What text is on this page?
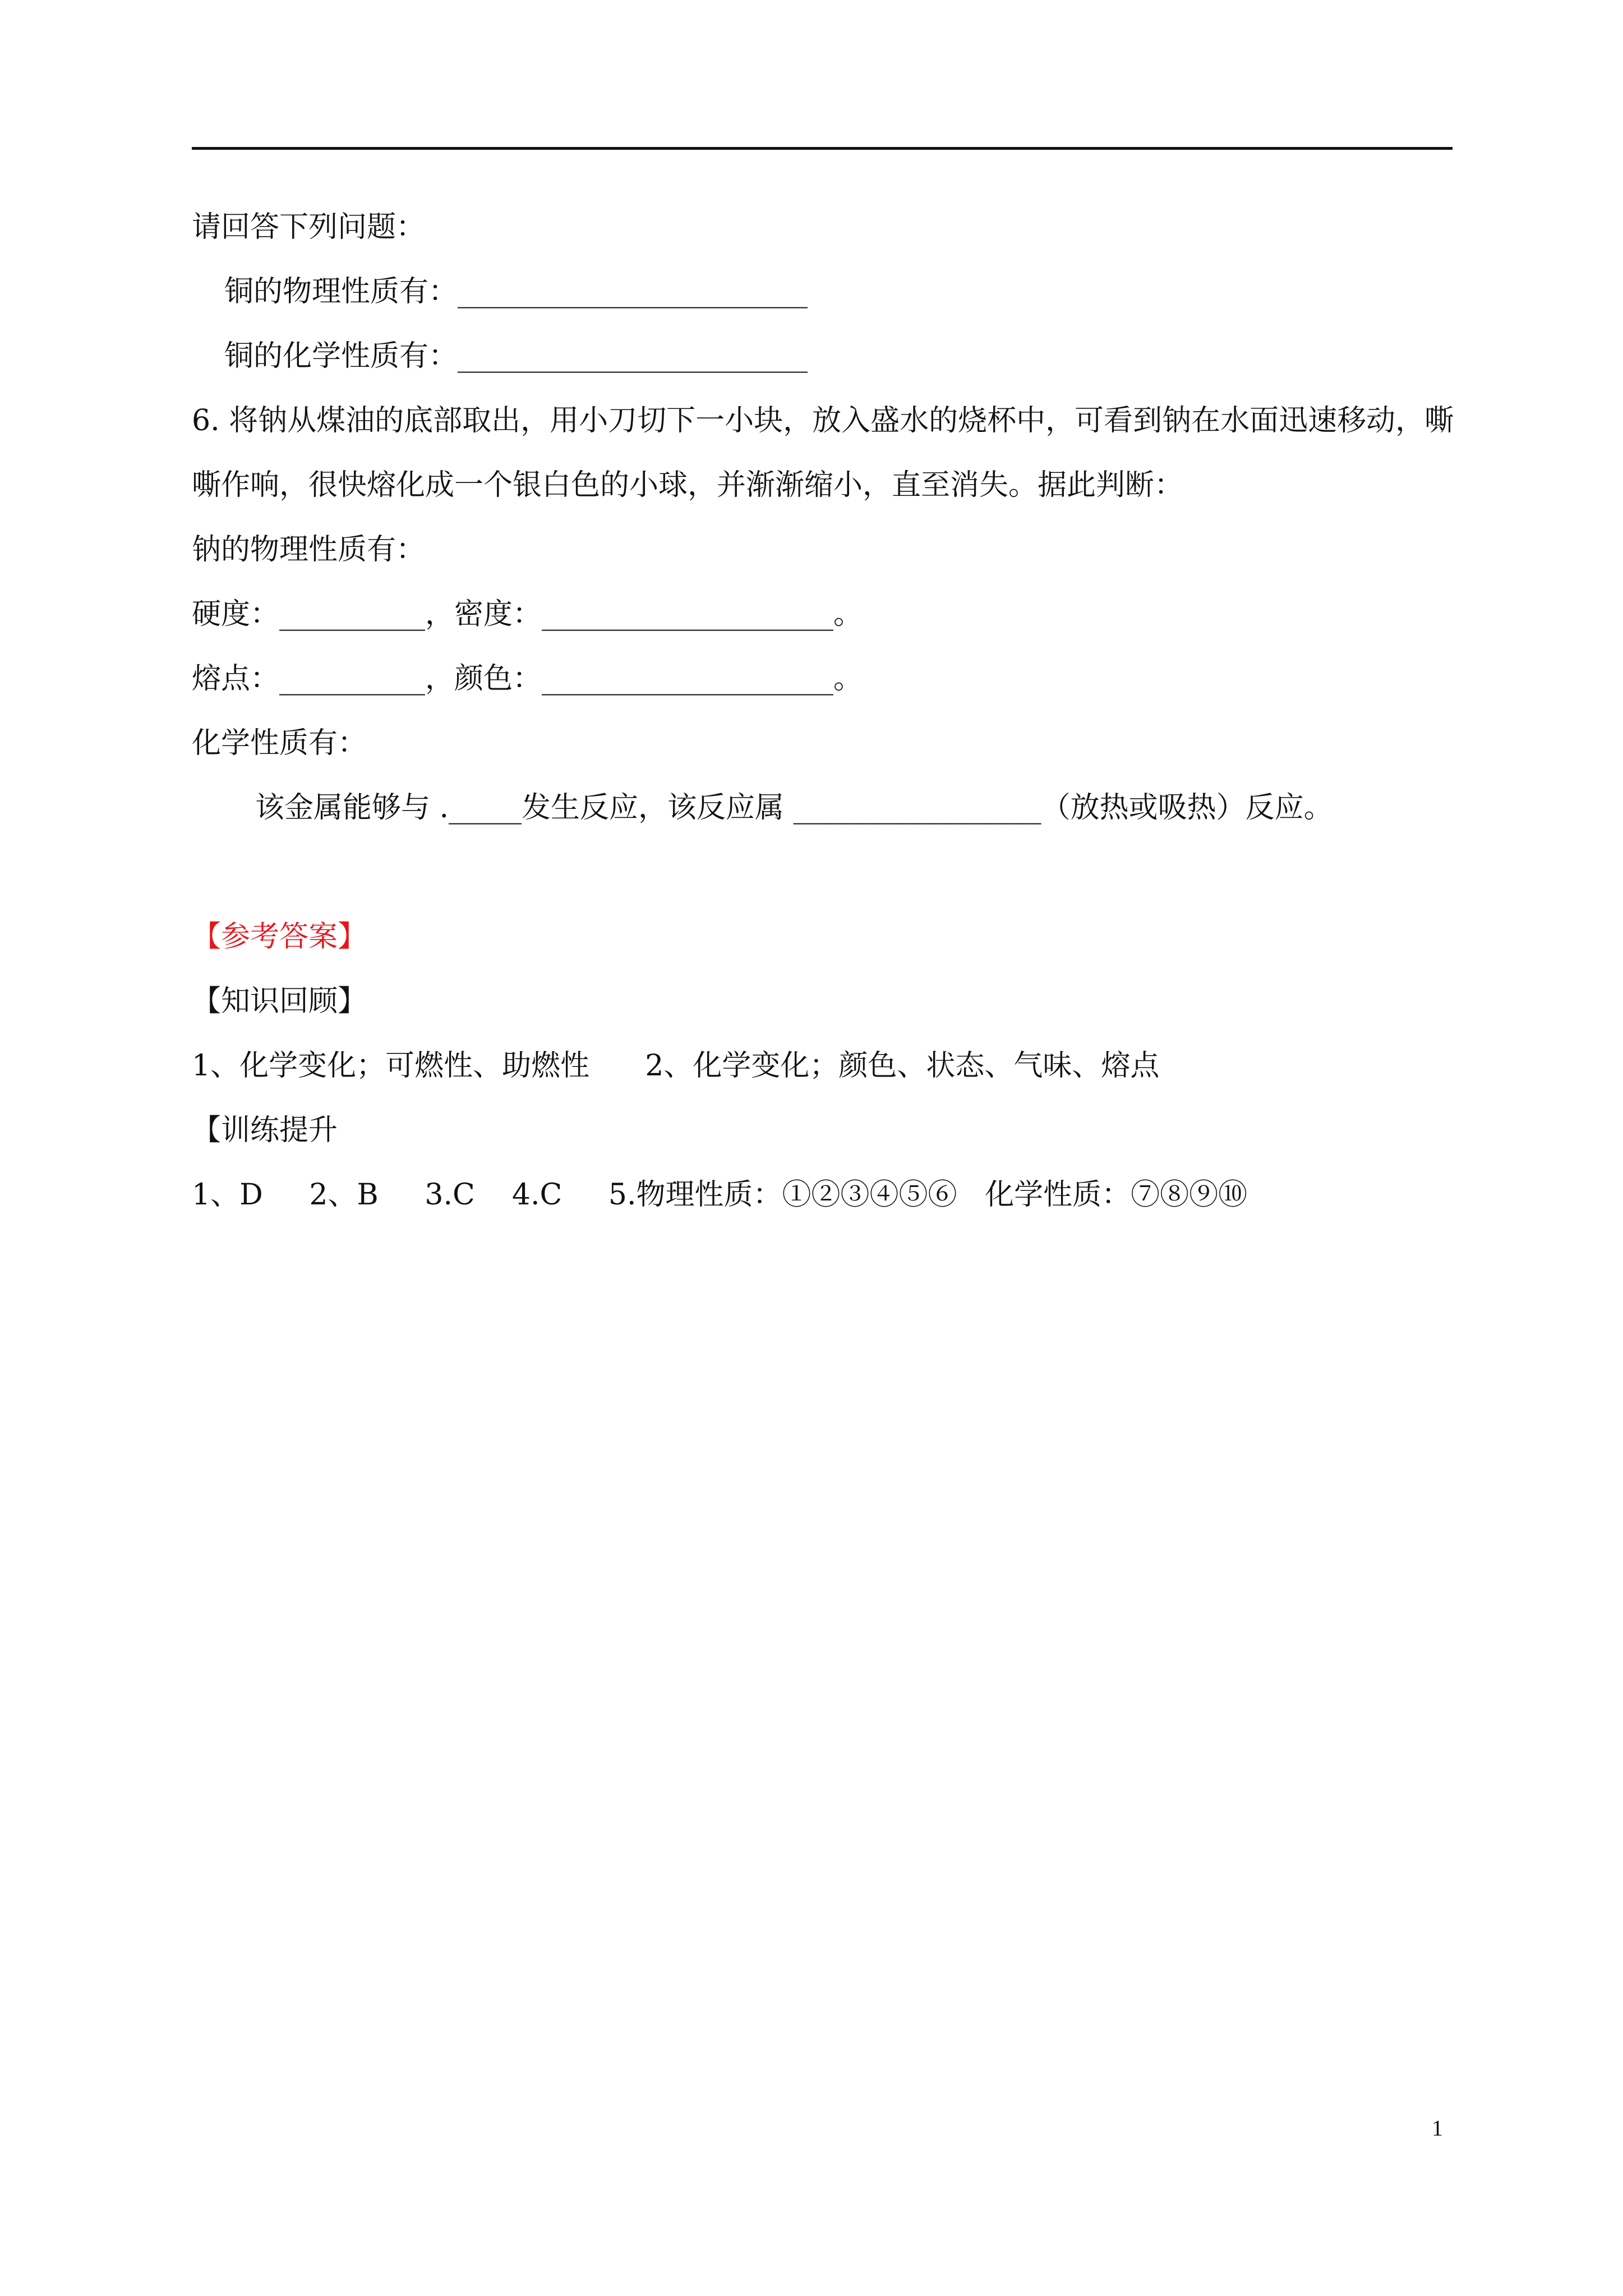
请回答下列问题：
铜的物理性质有：________________________
铜的化学性质有：________________________
6. 将钠从煤油的底部取出，用小刀切下一小块，放入盛水的烧杯中，可看到钠在水面迅速移动，嘶
嘶作响，很快熔化成一个银白色的小球，并渐渐缩小，直至消失。据此判断：
钠的物理性质有：
硬度：__________，密度：____________________。
熔点：__________，颜色：____________________。
化学性质有：
该金属能够与 ._____发生反应，该反应属 _________________（放热或吸热）反应。
【参考答案】
【知识回顾】
1、化学变化；可燃性、助燃性      2、化学变化；颜色、状态、气味、熔点
【训练提升
1、D     2、B     3.C    4.C     5.物理性质：①②③④⑤⑥   化学性质：⑦⑧⑨⑩
1
